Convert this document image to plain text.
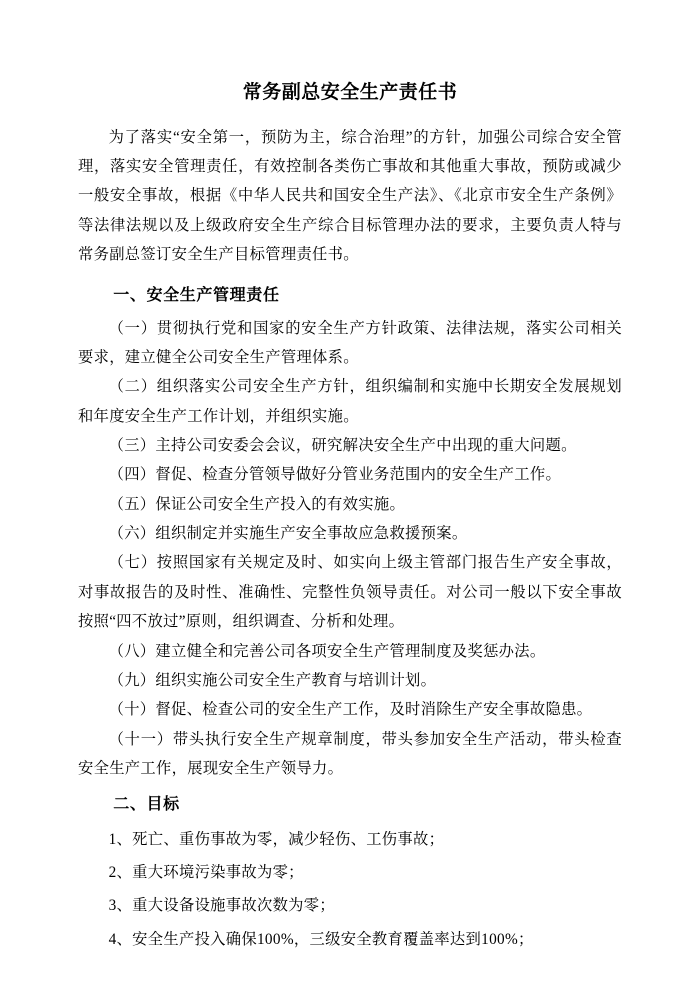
常务副总安全生产责任书

为了落实“安全第一，预防为主，综合治理”的方针，加强公司综合安全管理，落实安全管理责任，有效控制各类伤亡事故和其他重大事故，预防或减少一般安全事故，根据《中华人民共和国安全生产法》、《北京市安全生产条例》等法律法规以及上级政府安全生产综合目标管理办法的要求，主要负责人特与常务副总签订安全生产目标管理责任书。

一、安全生产管理责任

（一）贯彻执行党和国家的安全生产方针政策、法律法规，落实公司相关要求，建立健全公司安全生产管理体系。

（二）组织落实公司安全生产方针，组织编制和实施中长期安全发展规划和年度安全生产工作计划，并组织实施。

（三）主持公司安委会会议，研究解决安全生产中出现的重大问题。

（四）督促、检查分管领导做好分管业务范围内的安全生产工作。

（五）保证公司安全生产投入的有效实施。

（六）组织制定并实施生产安全事故应急救援预案。

（七）按照国家有关规定及时、如实向上级主管部门报告生产安全事故，对事故报告的及时性、准确性、完整性负领导责任。对公司一般以下安全事故按照“四不放过”原则，组织调查、分析和处理。

（八）建立健全和完善公司各项安全生产管理制度及奖惩办法。

（九）组织实施公司安全生产教育与培训计划。

（十）督促、检查公司的安全生产工作，及时消除生产安全事故隐患。

（十一）带头执行安全生产规章制度，带头参加安全生产活动，带头检查安全生产工作，展现安全生产领导力。

二、目标

1、死亡、重伤事故为零，减少轻伤、工伤事故；

2、重大环境污染事故为零；

3、重大设备设施事故次数为零；

4、安全生产投入确保100%，三级安全教育覆盖率达到100%；
